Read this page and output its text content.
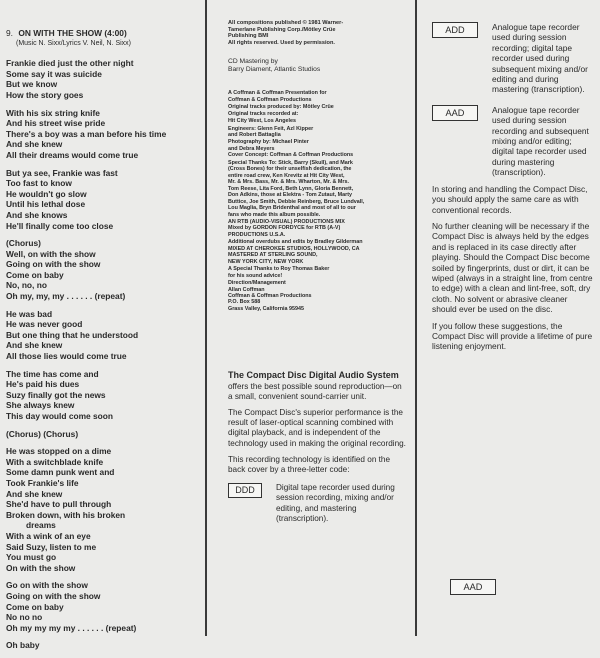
9. ON WITH THE SHOW (4:00)
(Music N. Sixx/Lyrics V. Neil, N. Sixx)
Frankie died just the other night
Some say it was suicide
But we know
How the story goes
With his six string knife
And his street wise pride
There's a boy was a man before his time
And she knew
All their dreams would come true
But ya see, Frankie was fast
Too fast to know
He wouldn't go slow
Until his lethal dose
And she knows
He'll finally come too close
(Chorus)
Well, on with the show
Going on with the show
Come on baby
No, no, no
Oh my, my, my . . . . . . (repeat)
He was bad
He was never good
But one thing that he understood
And she knew
All those lies would come true
The time has come and
He's paid his dues
Suzy finally got the news
She always knew
This day would come soon
(Chorus) (Chorus)
He was stopped on a dime
With a switchblade knife
Some damn punk went and
Took Frankie's life
And she knew
She'd have to pull through
Broken down, with his broken
dreams
With a wink of an eye
Said Suzy, listen to me
You must go
On with the show
Go on with the show
Going on with the show
Come on baby
No no no
Oh my my my my . . . . . . (repeat)
Oh baby
All compositions published © 1981 Warner-
Tamerlane Publishing Corp./Mötley Crüe
Publishing BMI
All rights reserved. Used by permission.
CD Mastering by
Barry Diament, Atlantic Studios
A Coffman & Coffman Presentation for
Coffman & Coffman Productions
Original tracks produced by: Mötley Crüe
Original tracks recorded at:
Hit City West, Los Angeles
Engineers: Glenn Feit, Azl Kipper
and Robert Battaglia
Photography by: Michael Pinter
and Debra Meyers
Cover Concept: Coffman & Coffman Productions
Special Thanks To: Stick, Barry (Skull), and Mark
(Cross Bones) for their unselfish dedication, the
entire road crew, Ken Krevitz at Hit City West,
Mr. & Mrs. Bass, Mr. & Mrs. Wharton, Mr. & Mrs.
Tom Reese, Lita Ford, Beth Lynn, Gloria Bennett,
Don Adkins, those at Elektra - Tom Zutaut, Marty
Buttice, Joe Smith, Debbie Reinberg, Bruce Lundvall,
Lou Maglia, Bryn Bridenthal and most of all to our
fans who made this album possible.
AN RTB (AUDIO-VISUAL) PRODUCTIONS MIX
Mixed by GORDON FORDYCE for RTB (A-V)
PRODUCTIONS U.S.A.
Additional overdubs and edits by Bradley Gilderman
MIXED AT CHEROKEE STUDIOS, HOLLYWOOD, CA
MASTERED AT STERLING SOUND,
NEW YORK CITY, NEW YORK
A Special Thanks to Roy Thomas Baker
for his sound advice!
Direction/Management
Allan Coffman
Coffman & Coffman Productions
P.O. Box 588
Grass Valley, California 95945
The Compact Disc Digital Audio System offers the best possible sound reproduction—on a small, convenient sound-carrier unit.
The Compact Disc's superior performance is the result of laser-optical scanning combined with digital playback, and is independent of the technology used in making the original recording.
This recording technology is identified on the back cover by a three-letter code:
DDD	Digital tape recorder used during session recording, mixing and/or editing, and mastering (transcription).
ADD	Analogue tape recorder used during session recording; digital tape recorder used during subsequent mixing and/or editing and during mastering (transcription).
AAD	Analogue tape recorder used during session recording and subsequent mixing and/or editing; digital tape recorder used during mastering (transcription).
In storing and handling the Compact Disc, you should apply the same care as with conventional records.
No further cleaning will be necessary if the Compact Disc is always held by the edges and is replaced in its case directly after playing. Should the Compact Disc become soiled by fingerprints, dust or dirt, it can be wiped (always in a straight line, from centre to edge) with a clean and lint-free, soft, dry cloth. No solvent or abrasive cleaner should ever be used on the disc.
If you follow these suggestions, the Compact Disc will provide a lifetime of pure listening enjoyment.
AAD
